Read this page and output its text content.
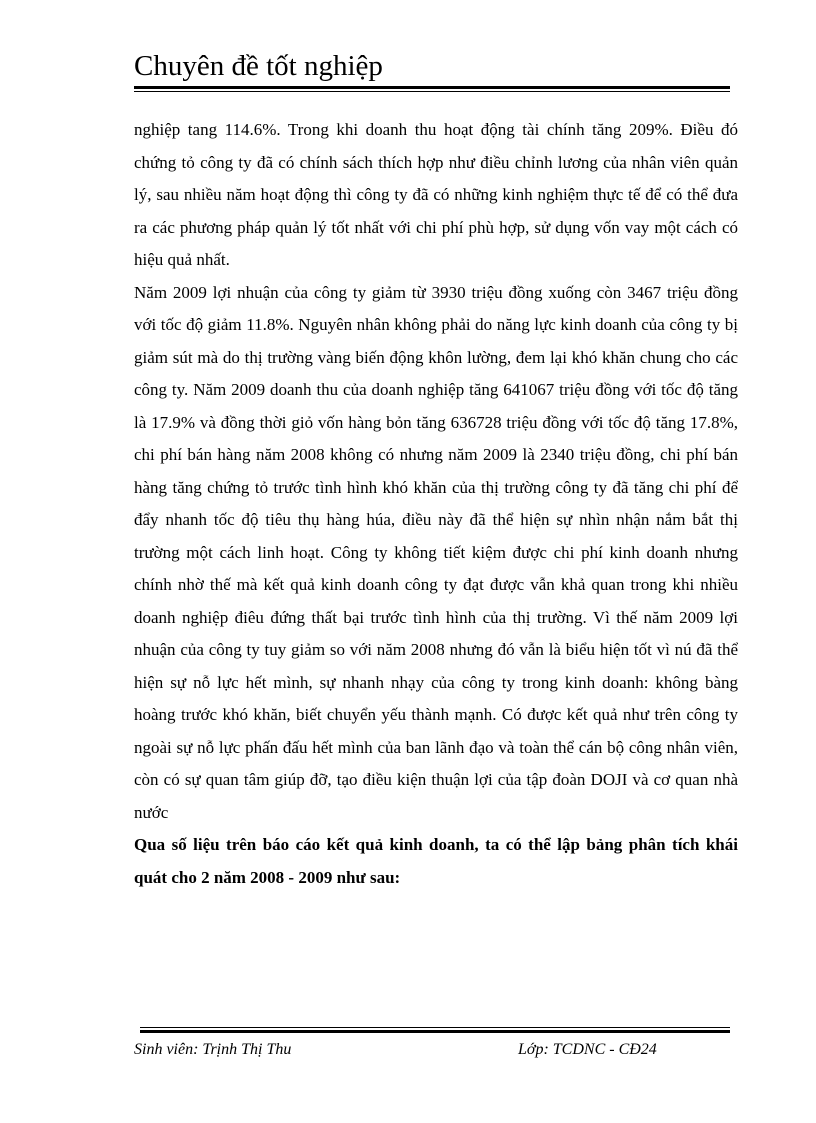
Chuyên đề tốt nghiệp

nghiệp tang 114.6%. Trong khi doanh thu hoạt động tài chính tăng 209%. Điều đó chứng tỏ công ty đã có chính sách thích hợp như điều chỉnh lương của nhân viên quản lý, sau nhiều năm hoạt động thì công ty đã có những kinh nghiệm thực tế để có thể đưa ra các phương pháp quản lý tốt nhất với chi phí phù hợp, sử dụng vốn vay một cách có hiệu quả nhất.

Năm 2009 lợi nhuận của công ty giảm từ 3930 triệu đồng xuống còn 3467 triệu đồng với tốc độ giảm 11.8%. Nguyên nhân không phải do năng lực kinh doanh của công ty bị giảm sút mà do thị trường vàng biến động khôn lường, đem lại khó khăn chung cho các công ty. Năm 2009 doanh thu của doanh nghiệp tăng 641067 triệu đồng với tốc độ tăng là 17.9% và đồng thời giỏ vốn hàng bỏn tăng 636728 triệu đồng với tốc độ tăng 17.8%, chi phí bán hàng năm 2008 không có nhưng năm 2009 là 2340 triệu đồng, chi phí bán hàng tăng chứng tỏ trước tình hình khó khăn của thị trường công ty đã tăng chi phí để đẩy nhanh tốc độ tiêu thụ hàng húa, điều này đã thể hiện sự nhìn nhận nắm bắt thị trường một cách linh hoạt. Công ty không tiết kiệm được chi phí kinh doanh nhưng chính nhờ thế mà kết quả kinh doanh công ty đạt được vẫn khả quan trong khi nhiều doanh nghiệp điêu đứng thất bại trước tình hình của thị trường. Vì thế năm 2009 lợi nhuận của công ty tuy giảm so với năm 2008 nhưng đó vẫn là biểu hiện tốt vì nú đã thể hiện sự nỗ lực hết mình, sự nhanh nhạy của công ty trong kinh doanh: không bàng hoàng trước khó khăn, biết chuyển yếu thành mạnh. Có được kết quả như trên công ty ngoài sự nỗ lực phấn đấu hết mình của ban lãnh đạo và toàn thể cán bộ công nhân viên, còn có sự quan tâm giúp đỡ, tạo điều kiện thuận lợi của tập đoàn DOJI và cơ quan nhà nước

Qua số liệu trên báo cáo kết quả kinh doanh, ta có thể lập bảng phân tích khái quát cho 2 năm 2008 - 2009 như sau:

Sinh viên: Trịnh Thị Thu	Lớp: TCDNC - CĐ24
